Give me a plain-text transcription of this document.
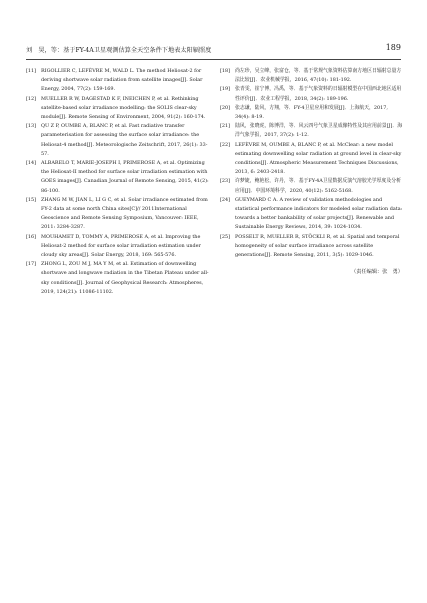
刘　昊，等：基于FY-4A卫星观测估算全天空条件下地表太阳辐照度	189

[11] RIGOLLIER C, LEFÈVRE M, WALD L. The method Heliosat-2 for deriving shortwave solar radiation from satellite images[J]. Solar Energy, 2004, 77(2): 159-169.

[12] MUELLER R W, DAGESTAD K F, INEICHEN P, et al. Rethinking satellite-based solar irradiance modelling: the SOLIS clear-sky module[J]. Remote Sensing of Environment, 2004, 91(2): 160-174.

[13] QU Z P, OUMBE A, BLANC P, et al. Fast radiative transfer parameterisation for assessing the surface solar irradiance: the Heliosat-4 method[J]. Meteorologische Zeitschrift, 2017, 26(1): 33-57.

[14] ALBARELO T, MARIE-JOSEPH I, PRIMEROSE A, et al. Optimizing the Heliosat-II method for surface solar irradiation estimation with GOES images[J]. Canadian Journal of Remote Sensing, 2015, 41(2): 86-100.

[15] ZHANG M W, JIAN L, LI G C, et al. Solar irradiance estimated from FY-2 data at some north China sites[C]// 2011International Geoscience and Remote Sensing Symposium, Vancouver: IEEE, 2011: 3284-3287.

[16] MOUHAMET D, TOMMY A, PRIMEROSE A, et al. Improving the Heliosat-2 method for surface solar irradiation estimation under cloudy sky areas[J]. Solar Energy, 2018, 169: 565-576.

[17] ZHONG L, ZOU M J, MA Y M, et al. Estimation of downwelling shortwave and longwave radiation in the Tibetan Plateau under all-sky conditions[J]. Journal of Geophysical Research: Atmospheres, 2019, 124(21): 11086-11102.

[18] 尚左珍，吴立峰，张富仓，等．基于常规气象资料估算南方地区日辐射总量方法比较[J]．农业机械学报，2016, 47(10): 181-192.

[19] 张青雯，崔宁博，冯禹，等．基于气象资料的日辐射模型在中国西北地区适用性评价[J]．农业工程学报，2018, 34(2): 189-196.

[20] 张志谦，陆风，方翔，等．FY-4卫星应用和发展[J]．上海航天，2017, 34(4): 8-19.

[21] 陆风，张晓虎，陈博洋，等．风云四号气象卫星成像特性及其应用前景[J]．海洋气象学报，2017, 37(2): 1-12.

[22] LEFÈVRE M, OUMBE A, BLANC P, et al. McClear: a new model estimating downwelling solar radiation at ground level in clear-sky conditions[J]. Atmospheric Measurement Techniques Discussions, 2013, 6: 2403-2418.

[23] 许梦婕，鲍艳松，许丹，等．基于FY-4A卫星数据反演气溶胶光学厚度及分析应用[J]．中国环境科学，2020, 40(12): 5162-5168.

[24] GUEYMARD C A. A review of validation methodologies and statistical performance indicators for modeled solar radiation data: towards a better bankability of solar projects[J]. Renewable and Sustainable Energy Reviews, 2014, 39: 1024-1034.

[25] POSSELT R, MUELLER R, STÖCKLI R, et al. Spatial and temporal homogeneity of solar surface irradiance across satellite generations[J]. Remote Sensing, 2011, 3(5): 1029-1046.

（责任编辑：张　勇）
